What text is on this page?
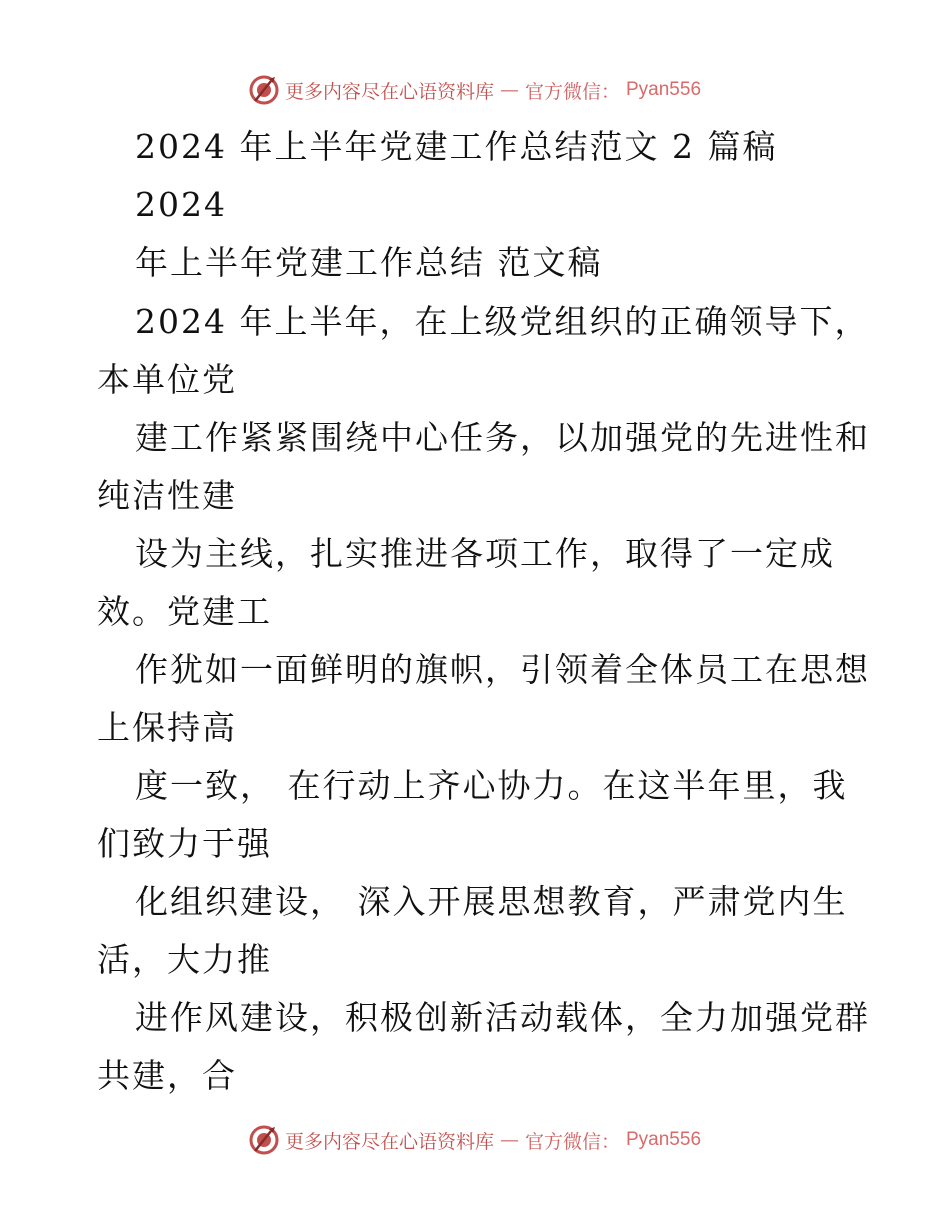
更多内容尽在心语资料库 — 官方微信： Pyan556
2024 年上半年党建工作总结范文 2 篇稿
2024
年上半年党建工作总结 范文稿
2024 年上半年，在上级党组织的正确领导下，
本单位党
建工作紧紧围绕中心任务，以加强党的先进性和
纯洁性建
设为主线，扎实推进各项工作，取得了一定成
效。党建工
作犹如一面鲜明的旗帜，引领着全体员工在思想
上保持高
度一致， 在行动上齐心协力。在这半年里，我
们致力于强
化组织建设， 深入开展思想教育，严肃党内生
活，大力推
进作风建设，积极创新活动载体，全力加强党群
共建，合
更多内容尽在心语资料库 — 官方微信： Pyan556
